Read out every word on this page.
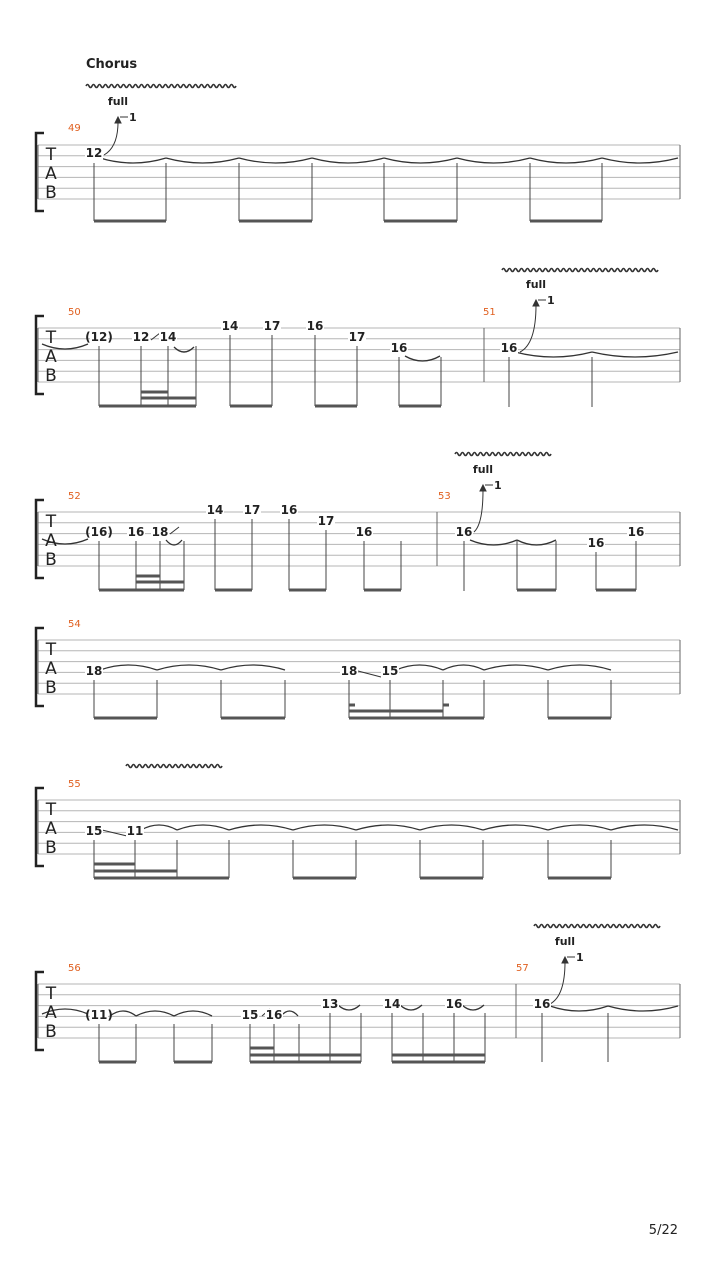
T
A
B
T
A
B
T
A
B
T
A
B
T
A
B
T
A
B
49
50	51
52	53
54
55
56	57
12
(12) 12 14
14 17 16
17
16	16
(16) 16 18
14 17 16
17
16	16
16
16
18	18 15
15 11
(11)	15 16
13	14	16	16
full
1
full
1
full
1
full
1
Chorus
5/22
